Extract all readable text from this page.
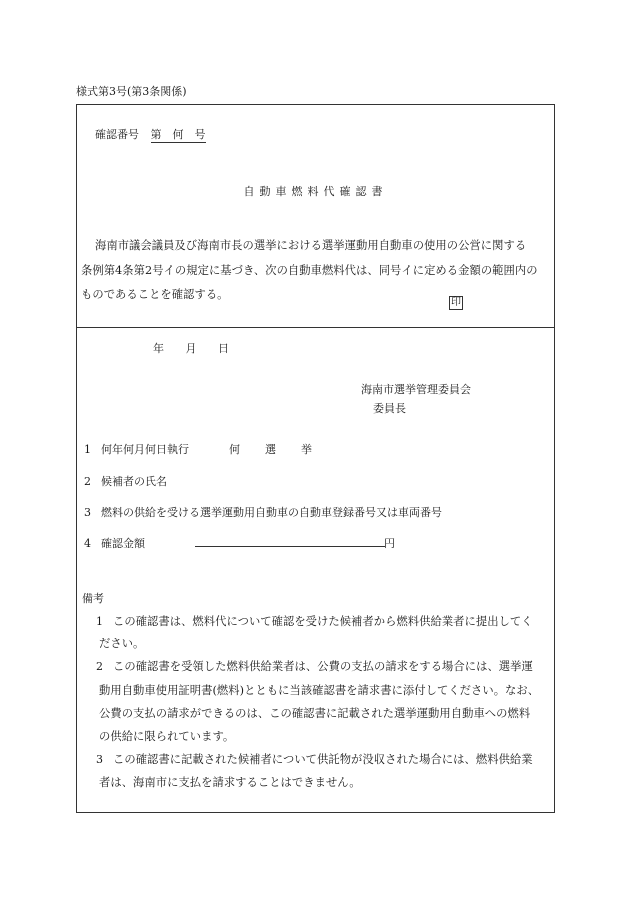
様式第3号(第3条関係)
確認番号 第　何　号
自動車燃料代確認書
海南市議会議員及び海南市長の選挙における選挙運動用自動車の使用の公営に関する
条例第4条第2号イの規定に基づき、次の自動車燃料代は、同号イに定める金額の範囲内の
ものであることを確認する。
年 月 日
海南市選挙管理委員会
委員長
印
1 何年何月何日執行	何 選 挙
2 候補者の氏名
3 燃料の供給を受ける選挙運動用自動車の自動車登録番号又は車両番号
4 確認金額	円
備考
1 この確認書は、燃料代について確認を受けた候補者から燃料供給業者に提出してく
ださい。
2 この確認書を受領した燃料供給業者は、公費の支払の請求をする場合には、選挙運
動用自動車使用証明書(燃料)とともに当該確認書を請求書に添付してください。なお、
公費の支払の請求ができるのは、この確認書に記載された選挙運動用自動車への燃料
の供給に限られています。
3 この確認書に記載された候補者について供託物が没収された場合には、燃料供給業
者は、海南市に支払を請求することはできません。
